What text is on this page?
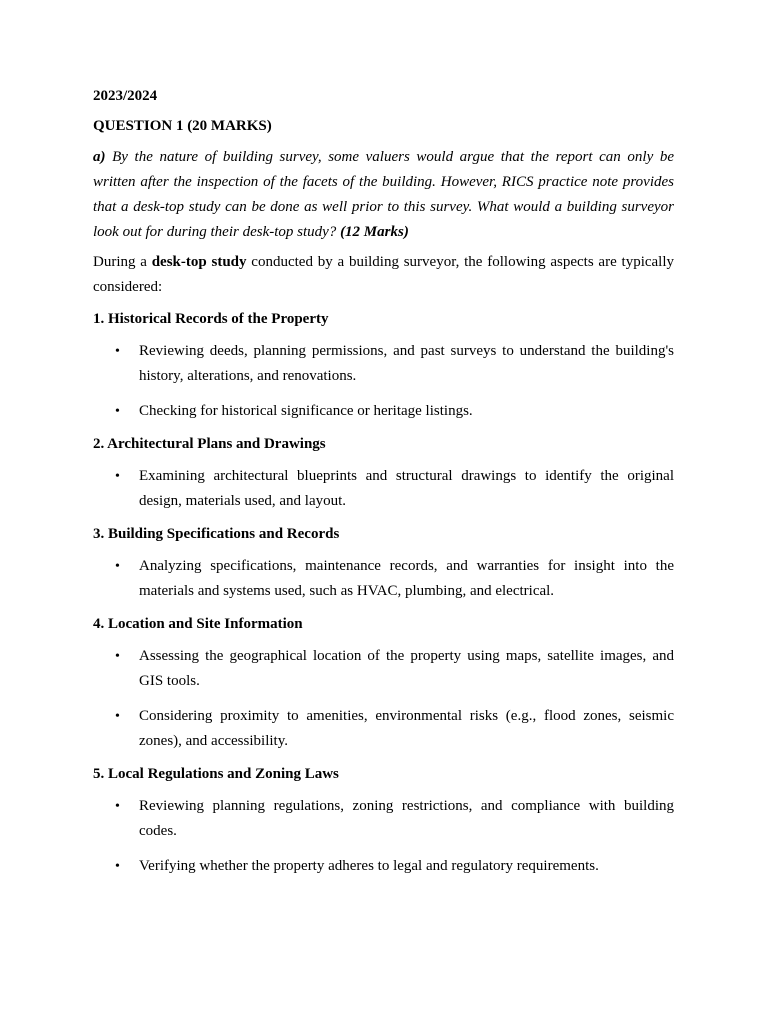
2023/2024

QUESTION 1 (20 MARKS)

a) By the nature of building survey, some valuers would argue that the report can only be written after the inspection of the facets of the building. However, RICS practice note provides that a desk-top study can be done as well prior to this survey. What would a building surveyor look out for during their desk-top study? (12 Marks)

During a desk-top study conducted by a building surveyor, the following aspects are typically considered:

1. Historical Records of the Property

• Reviewing deeds, planning permissions, and past surveys to understand the building's history, alterations, and renovations.
• Checking for historical significance or heritage listings.

2. Architectural Plans and Drawings

• Examining architectural blueprints and structural drawings to identify the original design, materials used, and layout.

3. Building Specifications and Records

• Analyzing specifications, maintenance records, and warranties for insight into the materials and systems used, such as HVAC, plumbing, and electrical.

4. Location and Site Information

• Assessing the geographical location of the property using maps, satellite images, and GIS tools.
• Considering proximity to amenities, environmental risks (e.g., flood zones, seismic zones), and accessibility.

5. Local Regulations and Zoning Laws

• Reviewing planning regulations, zoning restrictions, and compliance with building codes.
• Verifying whether the property adheres to legal and regulatory requirements.
